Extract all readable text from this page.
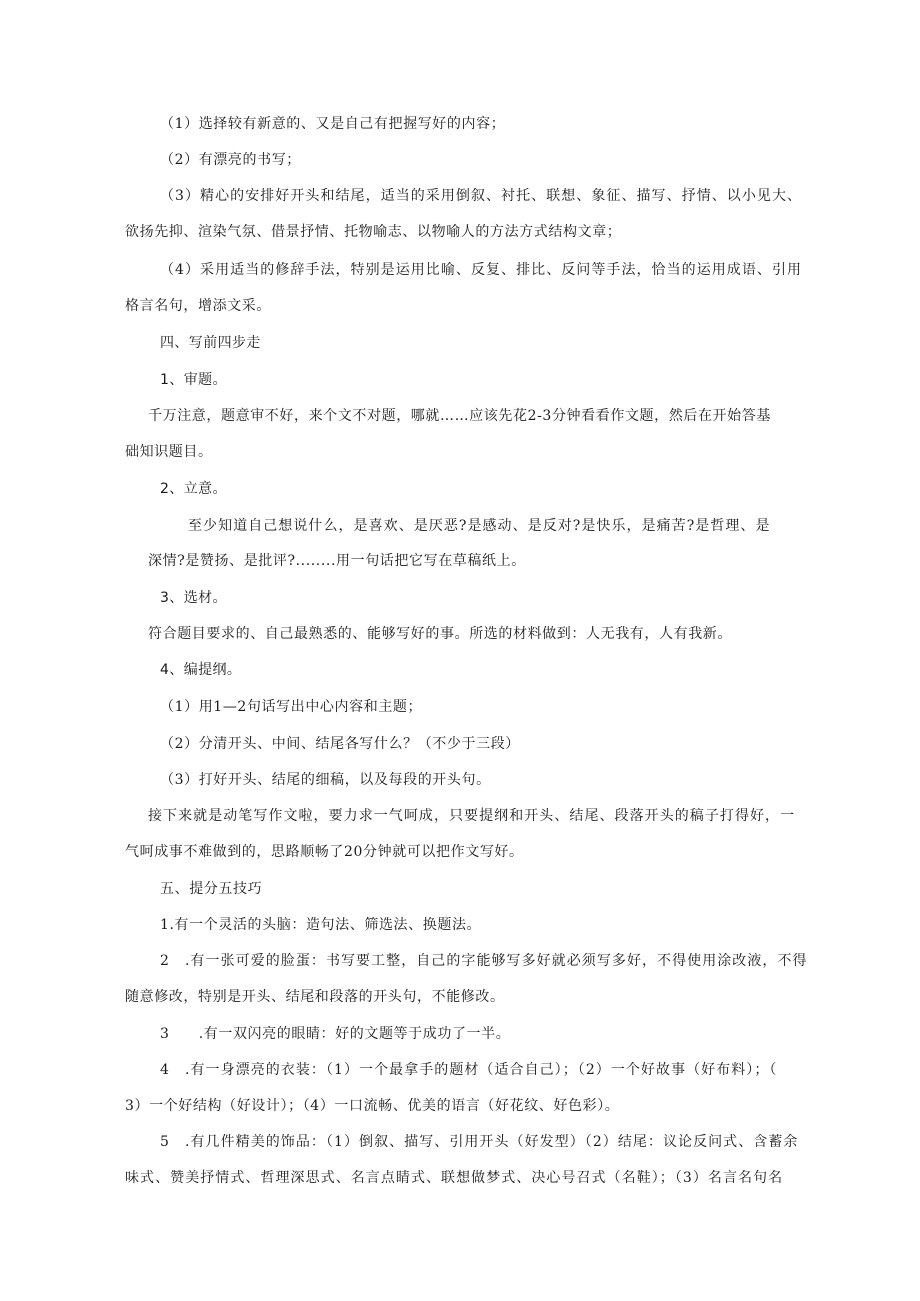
（1）选择较有新意的、又是自己有把握写好的内容；
（2）有漂亮的书写；
（3）精心的安排好开头和结尾，适当的采用倒叙、衬托、联想、象征、描写、抒情、以小见大、
欲扬先抑、渲染气氛、借景抒情、托物喻志、以物喻人的方法方式结构文章；
（4）采用适当的修辞手法，特别是运用比喻、反复、排比、反问等手法，恰当的运用成语、引用
格言名句，增添文采。
四、写前四步走
1、审题。
千万注意，题意审不好，来个文不对题，哪就……应该先花2-3分钟看看作文题，然后在开始答基
础知识题目。
2、立意。
至少知道自己想说什么，是喜欢、是厌恶?是感动、是反对?是快乐，是痛苦?是哲理、是
深情?是赞扬、是批评?........用一句话把它写在草稿纸上。
3、选材。
符合题目要求的、自己最熟悉的、能够写好的事。所选的材料做到：人无我有，人有我新。
4、编提纲。
（1）用1—2句话写出中心内容和主题；
（2）分清开头、中间、结尾各写什么？（不少于三段）
（3）打好开头、结尾的细稿，以及每段的开头句。
接下来就是动笔写作文啦，要力求一气呵成，只要提纲和开头、结尾、段落开头的稿子打得好，一
气呵成事不难做到的，思路顺畅了20分钟就可以把作文写好。
五、提分五技巧
1.有一个灵活的头脑：造句法、筛选法、换题法。
2　.有一张可爱的脸蛋：书写要工整，自己的字能够写多好就必须写多好，不得使用涂改液，不得
随意修改，特别是开头、结尾和段落的开头句，不能修改。
3　　.有一双闪亮的眼睛：好的文题等于成功了一半。
4　.有一身漂亮的衣装：（1）一个最拿手的题材（适合自己）；（2）一个好故事（好布料）；（
3）一个好结构（好设计）；（4）一口流畅、优美的语言（好花纹、好色彩）。
5　.有几件精美的饰品：（1）倒叙、描写、引用开头（好发型）（2）结尾：议论反问式、含蓄余
味式、赞美抒情式、哲理深思式、名言点睛式、联想做梦式、决心号召式（名鞋）；（3）名言名句名
